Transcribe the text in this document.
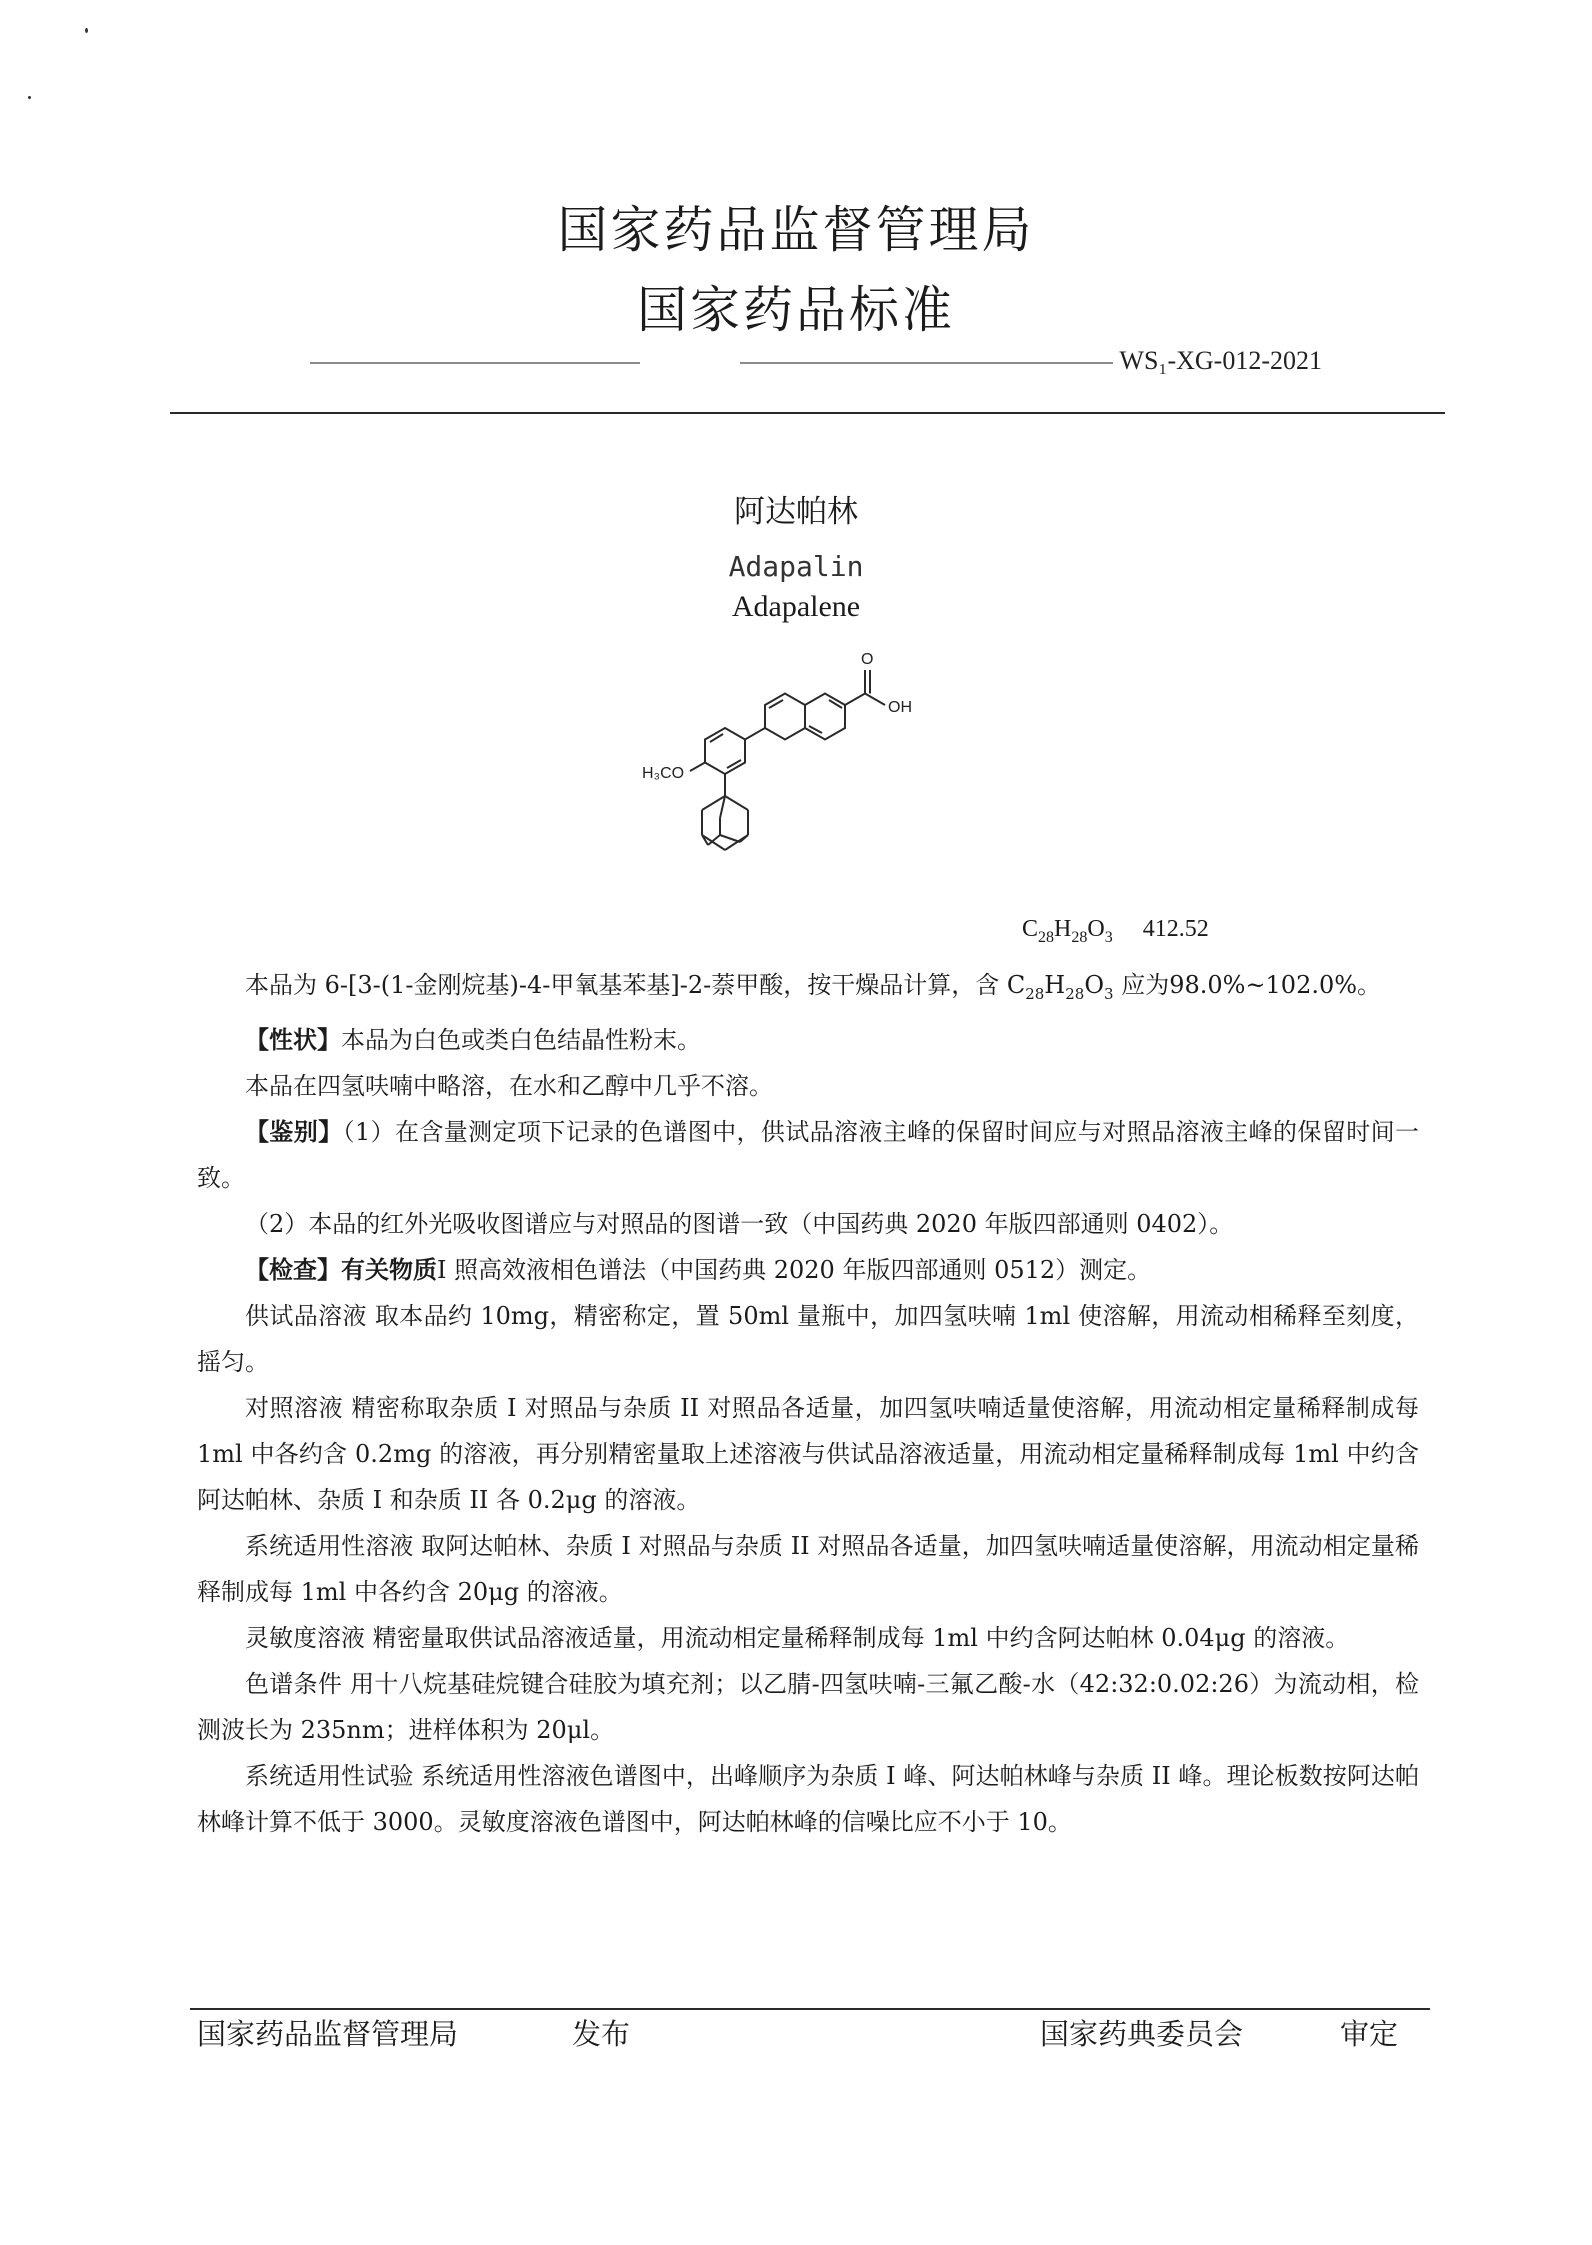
国家药品监督管理局
国家药品标准
WS₁-XG-012-2021
阿达帕林
Adapalin
Adapalene
O
OH
H₃CO
$C_{28}H_{28}O_3$ 412.52

本品为 6-[3-(1-金刚烷基)-4-甲氧基苯基]-2-萘甲酸，按干燥品计算，含 $C_{28}H_{28}O_3$ 应为98.0%~102.0%。

【性状】本品为白色或类白色结晶性粉末。

本品在四氢呋喃中略溶，在水和乙醇中几乎不溶。

【鉴别】（1）在含量测定项下记录的色谱图中，供试品溶液主峰的保留时间应与对照品溶液主峰的保留时间一致。

（2）本品的红外光吸收图谱应与对照品的图谱一致（中国药典 2020 年版四部通则 0402）。

【检查】有关物质I 照高效液相色谱法（中国药典 2020 年版四部通则 0512）测定。

供试品溶液 取本品约 10mg，精密称定，置 50ml 量瓶中，加四氢呋喃 1ml 使溶解，用流动相稀释至刻度，摇匀。

对照溶液 精密称取杂质 I 对照品与杂质 II 对照品各适量，加四氢呋喃适量使溶解，用流动相定量稀释制成每 1ml 中各约含 0.2mg 的溶液，再分别精密量取上述溶液与供试品溶液适量，用流动相定量稀释制成每 1ml 中约含阿达帕林、杂质 I 和杂质 II 各 0.2μg 的溶液。

系统适用性溶液 取阿达帕林、杂质 I 对照品与杂质 II 对照品各适量，加四氢呋喃适量使溶解，用流动相定量稀释制成每 1ml 中各约含 20μg 的溶液。

灵敏度溶液 精密量取供试品溶液适量，用流动相定量稀释制成每 1ml 中约含阿达帕林 0.04μg 的溶液。

色谱条件 用十八烷基硅烷键合硅胶为填充剂；以乙腈-四氢呋喃-三氟乙酸-水（42:32:0.02:26）为流动相，检测波长为 235nm；进样体积为 20μl。

系统适用性试验 系统适用性溶液色谱图中，出峰顺序为杂质 I 峰、阿达帕林峰与杂质 II 峰。理论板数按阿达帕林峰计算不低于 3000。灵敏度溶液色谱图中，阿达帕林峰的信噪比应不小于 10。

国家药品监督管理局	发布	国家药典委员会	审定
